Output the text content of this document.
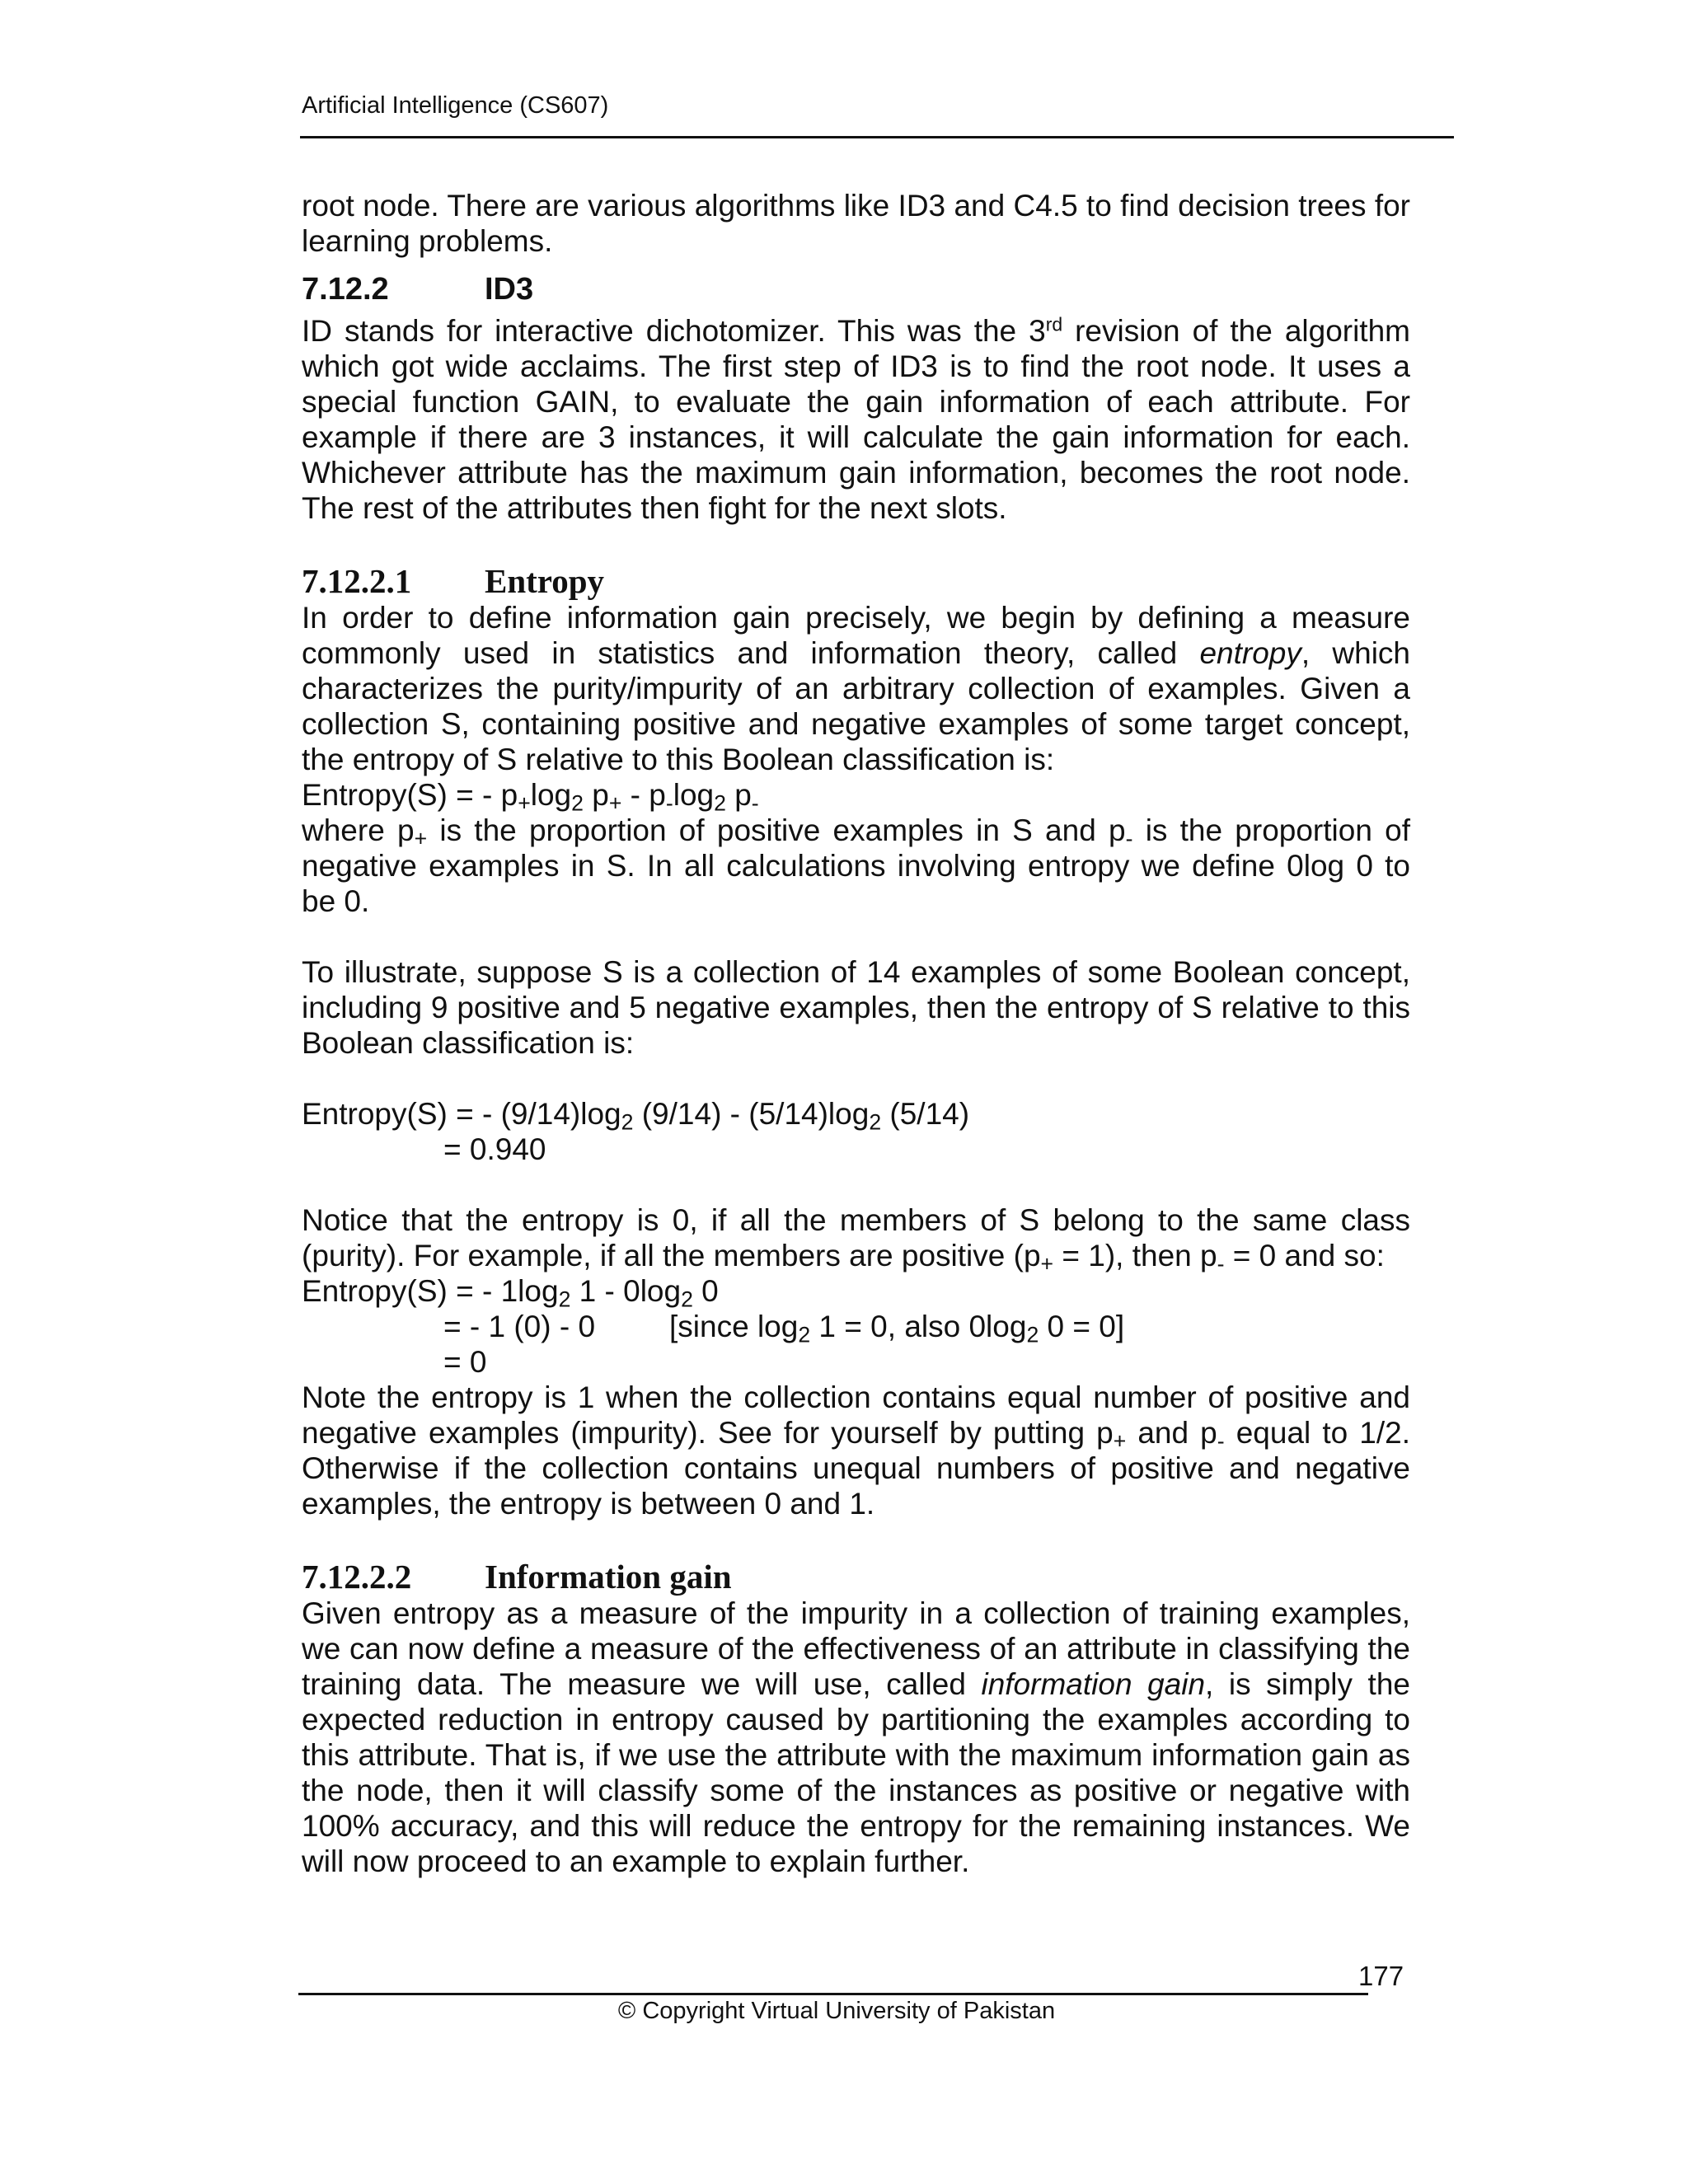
Artificial Intelligence (CS607)

root node. There are various algorithms like ID3 and C4.5 to find decision trees for learning problems.

7.12.2	ID3

ID stands for interactive dichotomizer. This was the 3rd revision of the algorithm which got wide acclaims. The first step of ID3 is to find the root node. It uses a special function GAIN, to evaluate the gain information of each attribute. For example if there are 3 instances, it will calculate the gain information for each. Whichever attribute has the maximum gain information, becomes the root node. The rest of the attributes then fight for the next slots.

7.12.2.1 Entropy

In order to define information gain precisely, we begin by defining a measure commonly used in statistics and information theory, called entropy, which characterizes the purity/impurity of an arbitrary collection of examples. Given a collection S, containing positive and negative examples of some target concept, the entropy of S relative to this Boolean classification is:

Entropy(S) = - $p_+\log_2$ $p_+ - p_-\log_2$ $p_-$

where $p_+$ is the proportion of positive examples in S and $p_-$ is the proportion of negative examples in S. In all calculations involving entropy we define 0log 0 to be 0.

To illustrate, suppose S is a collection of 14 examples of some Boolean concept, including 9 positive and 5 negative examples, then the entropy of S relative to this Boolean classification is:

Entropy(S) = - $(9/14)\log_2$ $(9/14) - (5/14)\log_2$ (5/14)

= 0.940

Notice that the entropy is 0, if all the members of S belong to the same class (purity). For example, if all the members are positive $(p_+ = 1)$, then $p_- = 0$ and so:

Entropy(S) = - $1\log_2$ $1 - 0\log_2$ 0

= - 1 (0) - 0 [since $\log_2 1 = 0$, also $0\log_2$ 0 = 0]

= 0

Note the entropy is 1 when the collection contains equal number of positive and negative examples (impurity). See for yourself by putting $p_+$ and $p_-$ equal to 1/2. Otherwise if the collection contains unequal numbers of positive and negative examples, the entropy is between 0 and 1.

7.12.2.2 Information gain

Given entropy as a measure of the impurity in a collection of training examples, we can now define a measure of the effectiveness of an attribute in classifying the training data. The measure we will use, called information gain, is simply the expected reduction in entropy caused by partitioning the examples according to this attribute. That is, if we use the attribute with the maximum information gain as the node, then it will classify some of the instances as positive or negative with 100% accuracy, and this will reduce the entropy for the remaining instances. We will now proceed to an example to explain further.

177
© Copyright Virtual University of Pakistan
